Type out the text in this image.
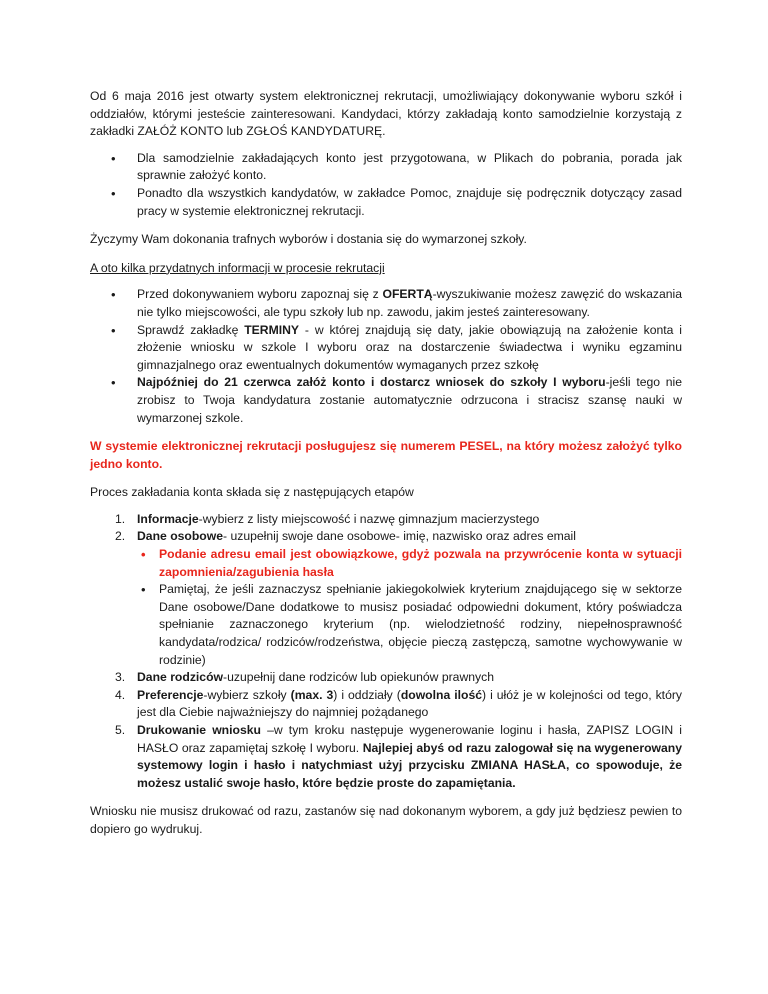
Od 6 maja 2016 jest otwarty system elektronicznej rekrutacji, umożliwiający dokonywanie wyboru szkół i oddziałów, którymi jesteście zainteresowani. Kandydaci, którzy zakładają konto samodzielnie korzystają z zakładki ZAŁÓŻ KONTO lub ZGŁOŚ KANDYDATURĘ.

• Dla samodzielnie zakładających konto jest przygotowana, w Plikach do pobrania, porada jak sprawnie założyć konto.
• Ponadto dla wszystkich kandydatów, w zakładce Pomoc, znajduje się podręcznik dotyczący zasad pracy w systemie elektronicznej rekrutacji.

Życzymy Wam dokonania trafnych wyborów i dostania się do wymarzonej szkoły.

A oto kilka przydatnych informacji w procesie rekrutacji

• Przed dokonywaniem wyboru zapoznaj się z OFERTĄ-wyszukiwanie możesz zawęzić do wskazania nie tylko miejscowości, ale typu szkoły lub np. zawodu, jakim jesteś zainteresowany.
• Sprawdź zakładkę TERMINY - w której znajdują się daty, jakie obowiązują na założenie konta i złożenie wniosku w szkole I wyboru oraz na dostarczenie świadectwa i wyniku egzaminu gimnazjalnego oraz ewentualnych dokumentów wymaganych przez szkołę
• Najpóźniej do 21 czerwca załóż konto i dostarcz wniosek do szkoły I wyboru-jeśli tego nie zrobisz to Twoja kandydatura zostanie automatycznie odrzucona i stracisz szansę nauki w wymarzonej szkole.

W systemie elektronicznej rekrutacji posługujesz się numerem PESEL, na który możesz założyć tylko jedno konto.

Proces zakładania konta składa się z następujących etapów

1. Informacje-wybierz z listy miejscowość i nazwę gimnazjum macierzystego
2. Dane osobowe- uzupełnij swoje dane osobowe- imię, nazwisko oraz adres email
• Podanie adresu email jest obowiązkowe, gdyż pozwala na przywrócenie konta w sytuacji zapomnienia/zagubienia hasła
• Pamiętaj, że jeśli zaznaczysz spełnianie jakiegokolwiek kryterium znajdującego się w sektorze Dane osobowe/Dane dodatkowe to musisz posiadać odpowiedni dokument, który poświadcza spełnianie zaznaczonego kryterium (np. wielodzietność rodziny, niepełnosprawność kandydata/rodzica/ rodziców/rodzeństwa, objęcie pieczą zastępczą, samotne wychowywanie w rodzinie)
3. Dane rodziców-uzupełnij dane rodziców lub opiekunów prawnych
4. Preferencje-wybierz szkoły (max. 3) i oddziały (dowolna ilość) i ułóż je w kolejności od tego, który jest dla Ciebie najważniejszy do najmniej pożądanego
5. Drukowanie wniosku –w tym kroku następuje wygenerowanie loginu i hasła, ZAPISZ LOGIN i HASŁO oraz zapamiętaj szkołę I wyboru. Najlepiej abyś od razu zalogował się na wygenerowany systemowy login i hasło i natychmiast użyj przycisku ZMIANA HASŁA, co spowoduje, że możesz ustalić swoje hasło, które będzie proste do zapamiętania.

Wniosku nie musisz drukować od razu, zastanów się nad dokonanym wyborem, a gdy już będziesz pewien to dopiero go wydrukuj.
